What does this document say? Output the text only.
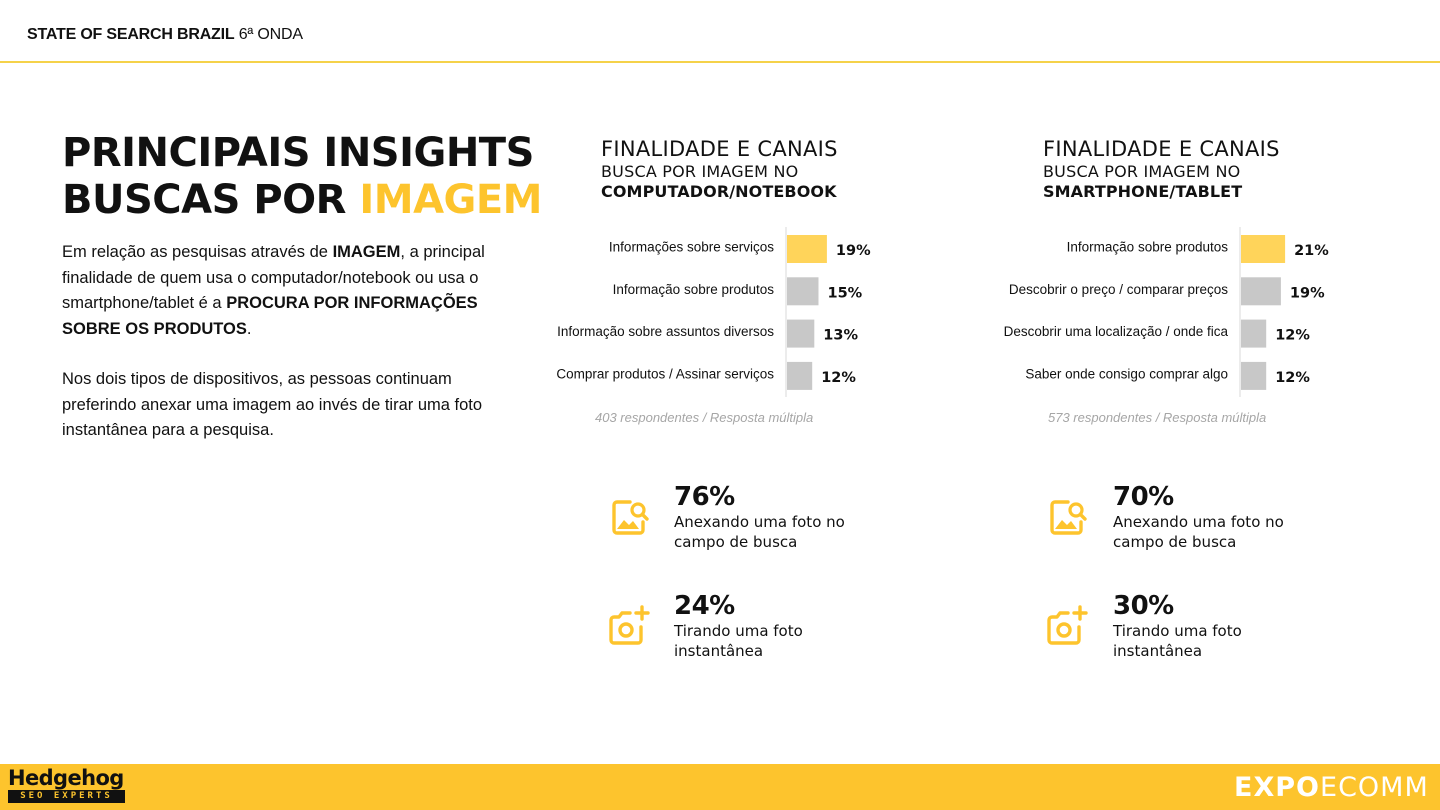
STATE OF SEARCH BRAZIL 6ª ONDA
PRINCIPAIS INSIGHTS
BUSCAS POR IMAGEM
Em relação as pesquisas através de IMAGEM, a principal finalidade de quem usa o computador/notebook ou usa o smartphone/tablet é a PROCURA POR INFORMAÇÕES SOBRE OS PRODUTOS.
Nos dois tipos de dispositivos, as pessoas continuam preferindo anexar uma imagem ao invés de tirar uma foto instantânea para a pesquisa.
FINALIDADE E CANAIS
BUSCA POR IMAGEM NO
COMPUTADOR/NOTEBOOK
FINALIDADE E CANAIS
BUSCA POR IMAGEM NO
SMARTPHONE/TABLET
Informações sobre serviços	19%
Informação sobre produtos	15%
Informação sobre assuntos diversos	13%
Comprar produtos / Assinar serviços	12%
Informação sobre produtos	21%
Descobrir o preço / comparar preços	19%
Descobrir uma localização / onde fica	12%
Saber onde consigo comprar algo	12%
403 respondentes / Resposta múltipla	573 respondentes / Resposta múltipla
76%
Anexando uma foto no campo de busca
24%
Tirando uma foto instantânea
70%
Anexando uma foto no campo de busca
30%
Tirando uma foto instantânea
Hedgehog
SEO EXPERTS	EXPOECOMM
